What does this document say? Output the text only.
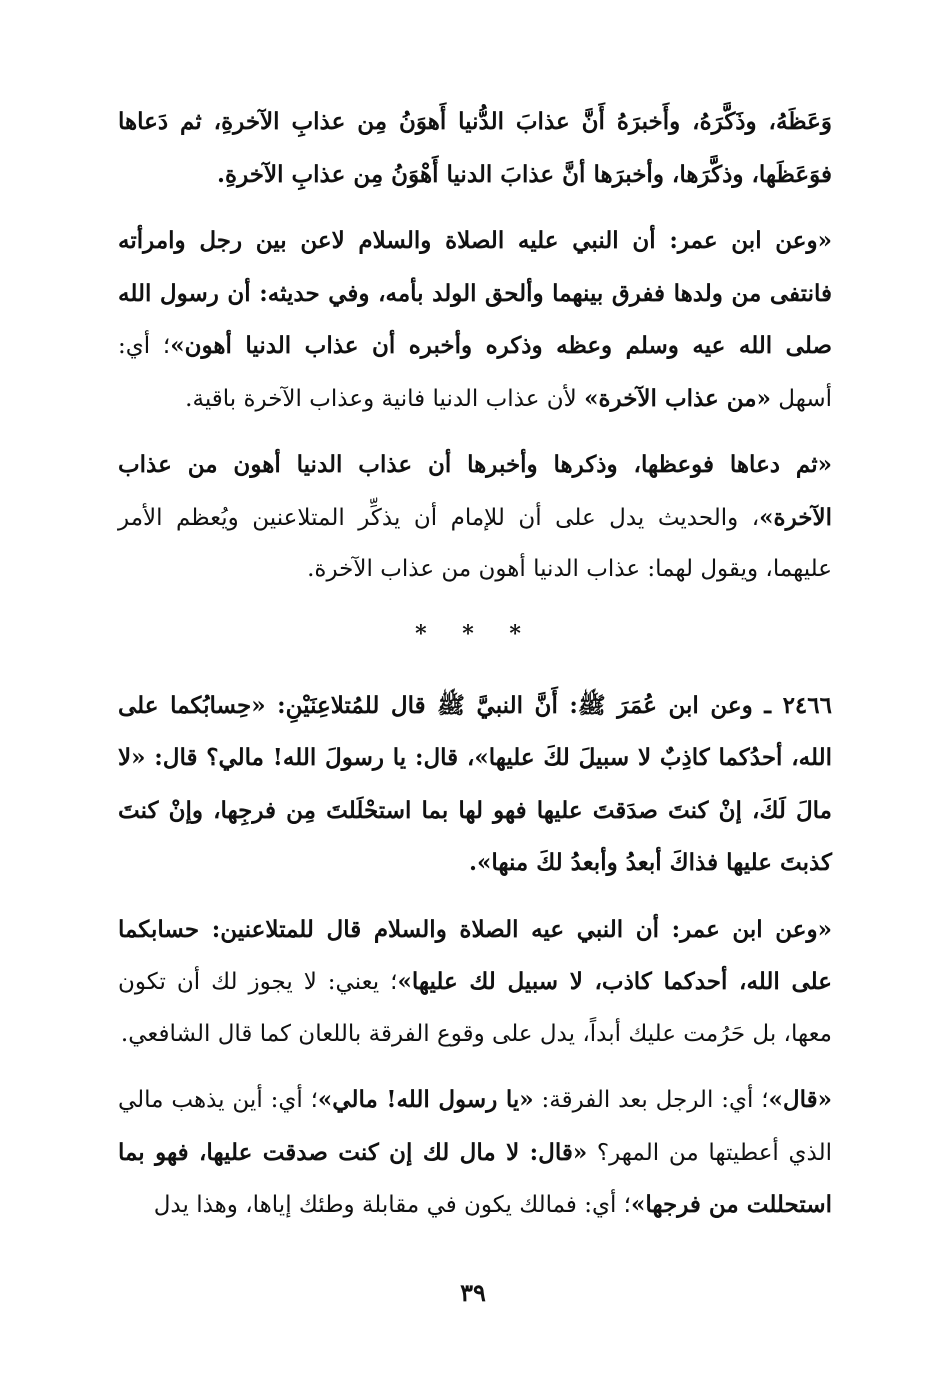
وَعَظَهُ، وذَكَّرَهُ، وأَخبرَهُ أَنَّ عذابَ الدُّنيا أَهوَنُ مِن عذابِ الآخرةِ، ثم دَعاها فوَعَظَها، وذكَّرَها، وأخبرَها أنَّ عذابَ الدنيا أَهْوَنُ مِن عذابِ الآخرةِ.

«وعن ابن عمر: أن النبي عليه الصلاة والسلام لاعن بين رجل وامرأته فانتفى من ولدها ففرق بينهما وألحق الولد بأمه، وفي حديثه: أن رسول الله صلى الله عيه وسلم وعظه وذكره وأخبره أن عذاب الدنيا أهون»؛ أي: أسهل «من عذاب الآخرة» لأن عذاب الدنيا فانية وعذاب الآخرة باقية.

«ثم دعاها فوعظها، وذكرها وأخبرها أن عذاب الدنيا أهون من عذاب الآخرة»، والحديث يدل على أن للإمام أن يذكِّر المتلاعنين ويُعظم الأمر عليهما، ويقول لهما: عذاب الدنيا أهون من عذاب الآخرة.

* * *

٢٤٦٦ ـ وعن ابن عُمَرَ ﷺ: أَنَّ النبيَّ ﷺ قال للمُتلاعِنَيْنِ: «حِسابُكما على الله، أحدُكما كاذِبٌ لا سبيلَ لكَ عليها»، قال: يا رسولَ الله! مالي؟ قال: «لا مالَ لَكَ، إنْ كنتَ صدَقتَ عليها فهو لها بما استحْلَلتَ مِن فرجِها، وإنْ كنتَ كذبتَ عليها فذاكَ أبعدُ وأبعدُ لكَ منها».

«وعن ابن عمر: أن النبي عيه الصلاة والسلام قال للمتلاعنين: حسابكما على الله، أحدكما كاذب، لا سبيل لك عليها»؛ يعني: لا يجوز لك أن تكون معها، بل حَرُمت عليك أبداً، يدل على وقوع الفرقة باللعان كما قال الشافعي.

«قال»؛ أي: الرجل بعد الفرقة: «يا رسول الله! مالي»؛ أي: أين يذهب مالي الذي أعطيتها من المهر؟ «قال: لا مال لك إن كنت صدقت عليها، فهو بما استحللت من فرجها»؛ أي: فمالك يكون في مقابلة وطئك إياها، وهذا يدل

٣٩
